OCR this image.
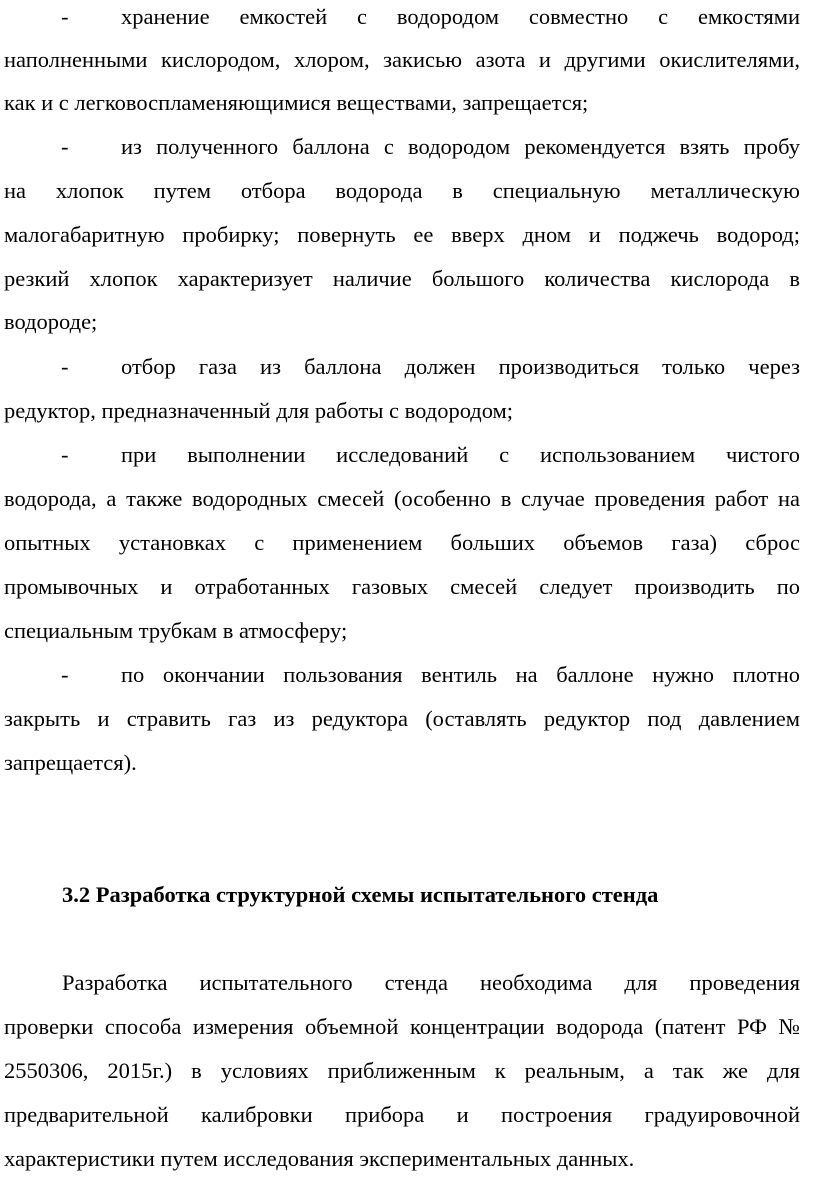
- хранение емкостей с водородом совместно с емкостями
наполненными кислородом, хлором, закисью азота и другими окислителями,
как и с легковоспламеняющимися веществами, запрещается;
- из полученного баллона с водородом рекомендуется взять пробу
на хлопок путем отбора водорода в специальную металлическую
малогабаритную пробирку; повернуть ее вверх дном и поджечь водород;
резкий хлопок характеризует наличие большого количества кислорода в
водороде;
- отбор газа из баллона должен производиться только через
редуктор, предназначенный для работы с водородом;
- при выполнении исследований с использованием чистого
водорода, а также водородных смесей (особенно в случае проведения работ на
опытных установках с применением больших объемов газа) сброс
промывочных и отработанных газовых смесей следует производить по
специальным трубкам в атмосферу;
- по окончании пользования вентиль на баллоне нужно плотно
закрыть и стравить газ из редуктора (оставлять редуктор под давлением
запрещается).
3.2 Разработка структурной схемы испытательного стенда
Разработка испытательного стенда необходима для проведения
проверки способа измерения объемной концентрации водорода (патент РФ №
2550306, 2015г.) в условиях приближенным к реальным, а так же для
предварительной калибровки прибора и построения градуировочной
характеристики путем исследования экспериментальных данных.
